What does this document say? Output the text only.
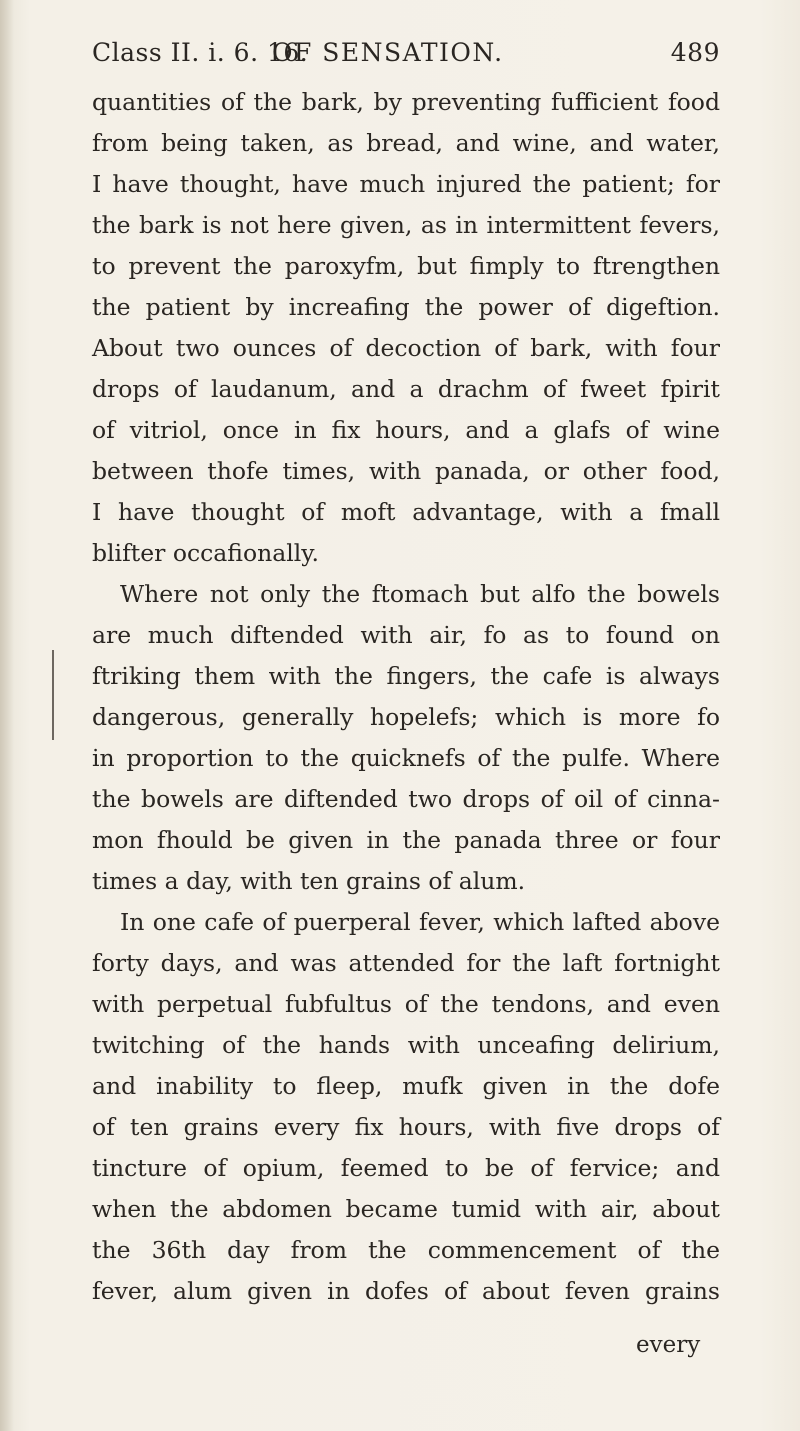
Class II. i. 6. 16.
OF SENSATION.	489
quantities of the bark, by preventing fufficient food
from being taken, as bread, and wine, and water,
I have thought, have much injured the patient; for
the bark is not here given, as in intermittent fevers,
to prevent the paroxyfm, but fimply to ftrengthen
the patient by increafing the power of digeftion.
About two ounces of decoction of bark, with four
drops of laudanum, and a drachm of fweet fpirit
of vitriol, once in fix hours, and a glafs of wine
between thofe times, with panada, or other food,
I have thought of moft advantage, with a fmall
blifter occafionally.
Where not only the ftomach but alfo the bowels
are much diftended with air, fo as to found on
ftriking them with the fingers, the cafe is always
dangerous, generally hopelefs; which is more fo
in proportion to the quicknefs of the pulfe. Where
the bowels are diftended two drops of oil of cinna-
mon fhould be given in the panada three or four
times a day, with ten grains of alum.
In one cafe of puerperal fever, which lafted above
forty days, and was attended for the laft fortnight
with perpetual fubfultus of the tendons, and even
twitching of the hands with unceafing delirium,
and inability to fleep, mufk given in the dofe
of ten grains every fix hours, with five drops of
tincture of opium, feemed to be of fervice; and
when the abdomen became tumid with air, about
the 36th day from the commencement of the
fever, alum given in dofes of about feven grains
every
